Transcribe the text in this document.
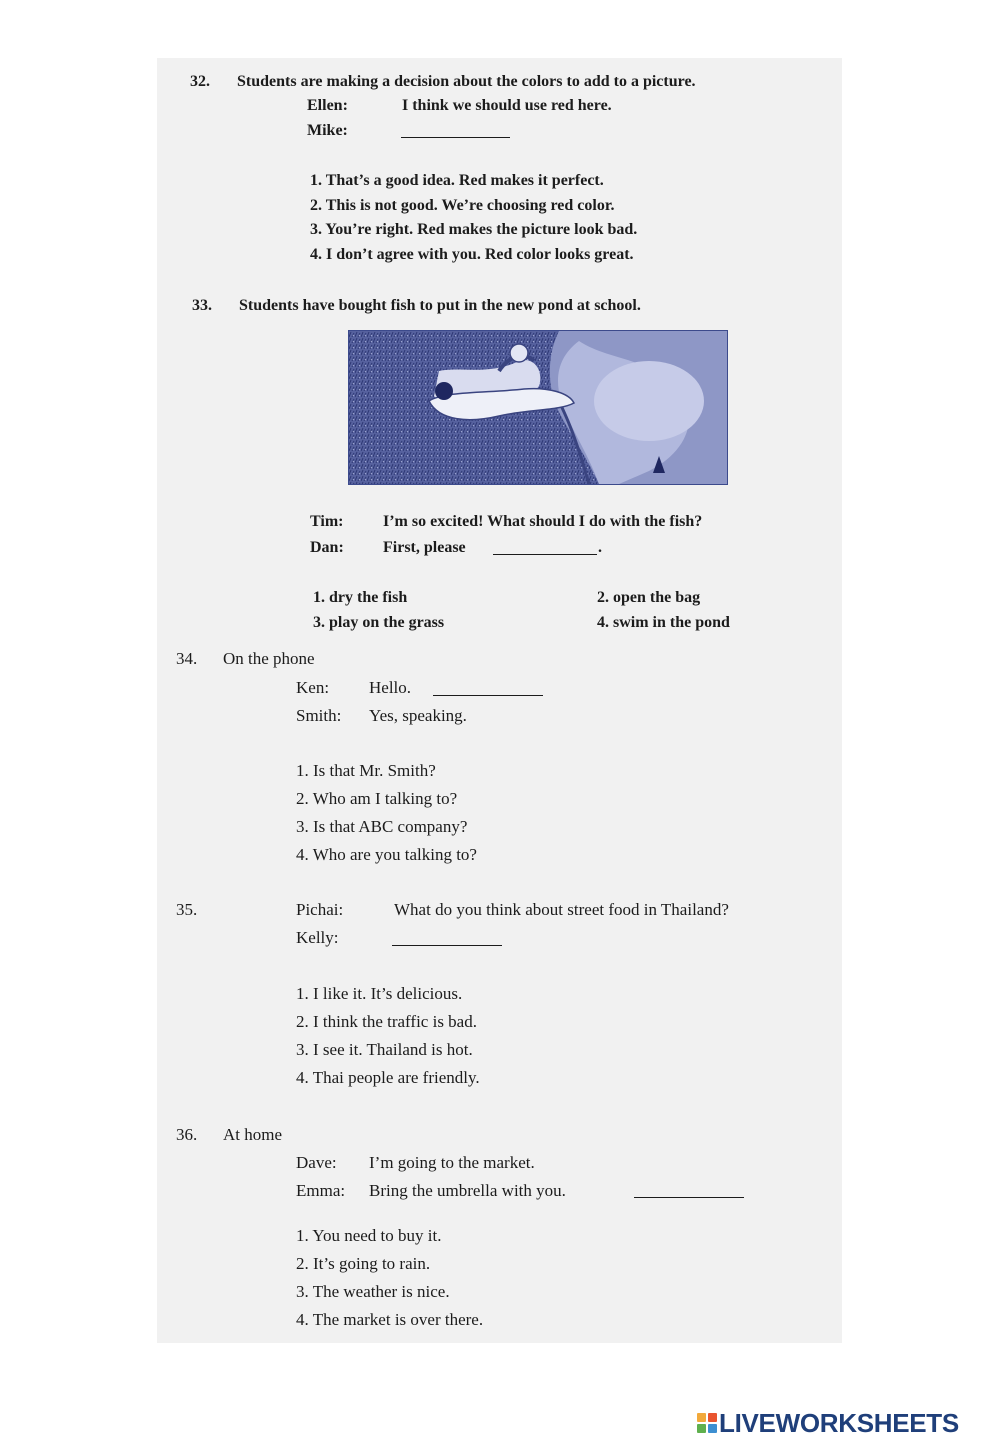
32. Students are making a decision about the colors to add to a picture.
Ellen:	I think we should use red here.
Mike:
1. That’s a good idea. Red makes it perfect.
2. This is not good. We’re choosing red color.
3. You’re right. Red makes the picture look bad.
4. I don’t agree with you. Red color looks great.
33. Students have bought fish to put in the new pond at school.
Tim: I’m so excited! What should I do with the fish?
Dan: First, please	.
1. dry the fish	2. open the bag
3. play on the grass	4. swim in the pond
34. On the phone
Ken: Hello.
Smith: Yes, speaking.
1. Is that Mr. Smith?
2. Who am I talking to?
3. Is that ABC company?
4. Who are you talking to?
35.	Pichai:	What do you think about street food in Thailand?
Kelly:
1. I like it. It’s delicious.
2. I think the traffic is bad.
3. I see it. Thailand is hot.
4. Thai people are friendly.
36. At home
Dave: I’m going to the market.
Emma: Bring the umbrella with you.
1. You need to buy it.
2. It’s going to rain.
3. The weather is nice.
4. The market is over there.
LIVEWORKSHEETS
